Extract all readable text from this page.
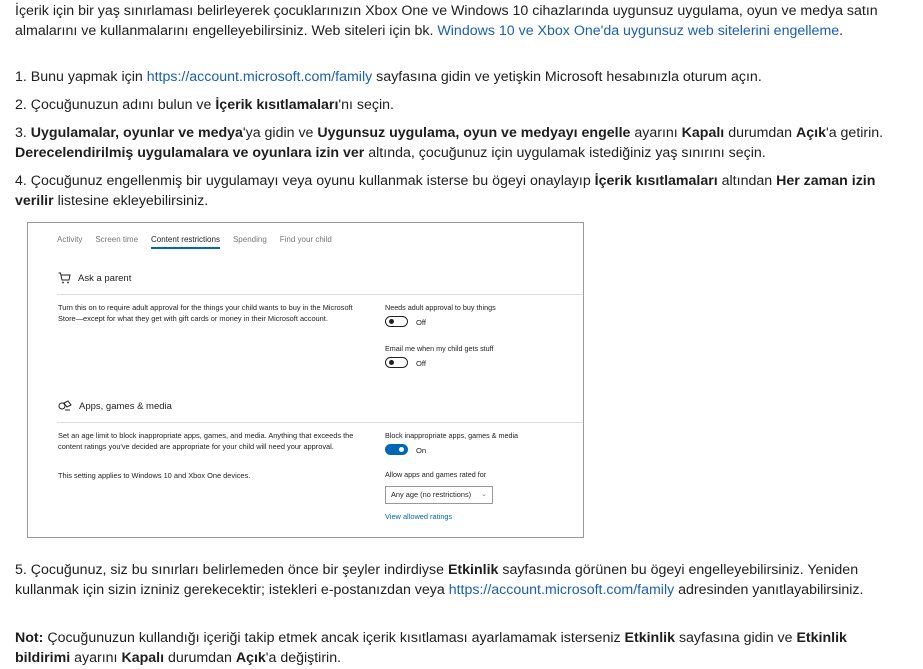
İçerik için bir yaş sınırlaması belirleyerek çocuklarınızın Xbox One ve Windows 10 cihazlarında uygunsuz uygulama, oyun ve medya satın almalarını ve kullanmalarını engelleyebilirsiniz. Web siteleri için bk. Windows 10 ve Xbox One'da uygunsuz web sitelerini engelleme.

1. Bunu yapmak için https://account.microsoft.com/family sayfasına gidin ve yetişkin Microsoft hesabınızla oturum açın.

2. Çocuğunuzun adını bulun ve İçerik kısıtlamaları'nı seçin.

3. Uygulamalar, oyunlar ve medya'ya gidin ve Uygunsuz uygulama, oyun ve medyayı engelle ayarını Kapalı durumdan Açık'a getirin. Derecelendirilmiş uygulamalara ve oyunlara izin ver altında, çocuğunuz için uygulamak istediğiniz yaş sınırını seçin.

4. Çocuğunuz engellenmiş bir uygulamayı veya oyunu kullanmak isterse bu ögeyi onaylayıp İçerik kısıtlamaları altından Her zaman izin verilir listesine ekleyebilirsiniz.

Activity Screen time Content restrictions Spending Find your child
Ask a parent
Turn this on to require adult approval for the things your child wants to buy in the Microsoft Store—except for what they get with gift cards or money in their Microsoft account.
Needs adult approval to buy things
Off
Email me when my child gets stuff
Off
Apps, games & media
Set an age limit to block inappropriate apps, games, and media. Anything that exceeds the content ratings you've decided are appropriate for your child will need your approval.
This setting applies to Windows 10 and Xbox One devices.
Block inappropriate apps, games & media
On
Allow apps and games rated for
Any age (no restrictions) ⌄
View allowed ratings

5. Çocuğunuz, siz bu sınırları belirlemeden önce bir şeyler indirdiyse Etkinlik sayfasında görünen bu ögeyi engelleyebilirsiniz. Yeniden kullanmak için sizin izniniz gerekecektir; istekleri e-postanızdan veya https://account.microsoft.com/family adresinden yanıtlayabilirsiniz.

Not: Çocuğunuzun kullandığı içeriği takip etmek ancak içerik kısıtlaması ayarlamamak isterseniz Etkinlik sayfasına gidin ve Etkinlik bildirimi ayarını Kapalı durumdan Açık'a değiştirin.
